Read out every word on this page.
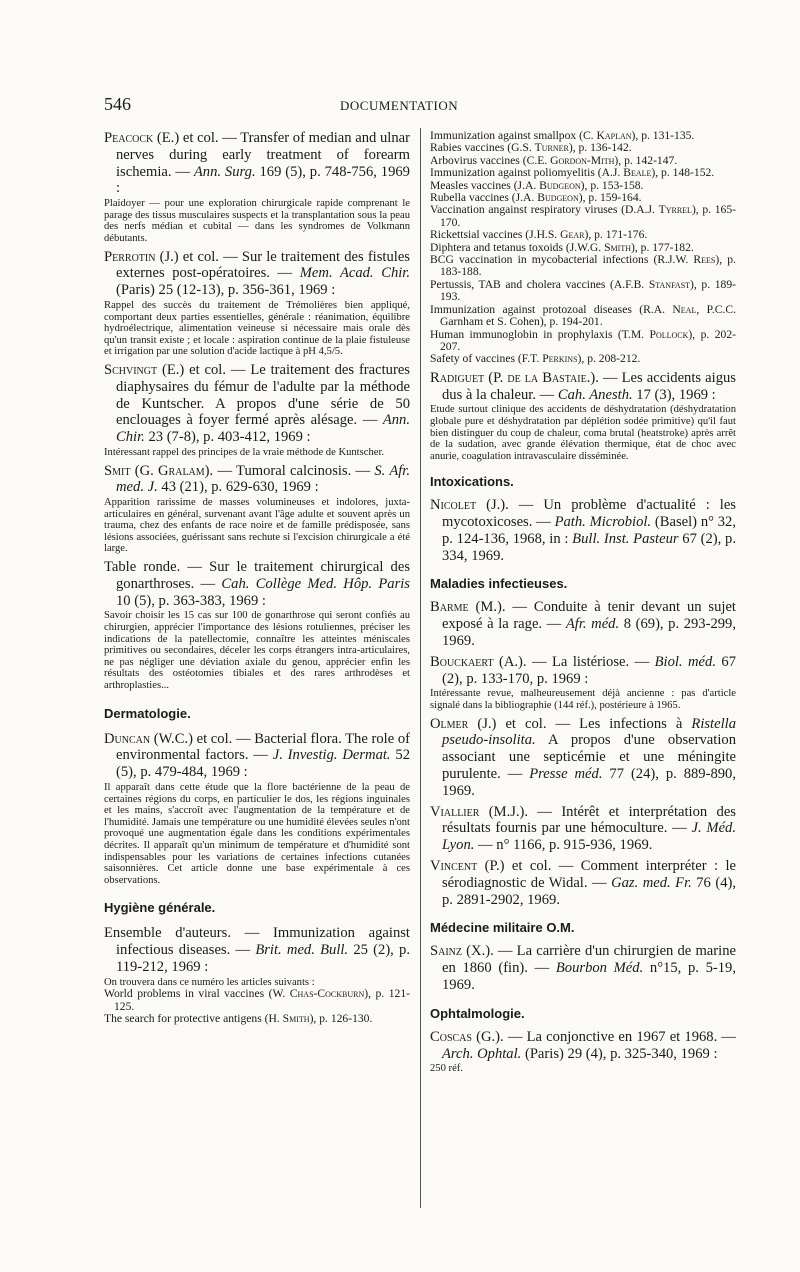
546	DOCUMENTATION

Peacock (E.) et col. — Transfer of median and ulnar nerves during early treatment of forearm ischemia. — Ann. Surg. 169 (5), p. 748-756, 1969 :

Plaidoyer — pour une exploration chirurgicale rapide comprenant le parage des tissus musculaires suspects et la transplantation sous la peau des nerfs médian et cubital — dans les syndromes de Volkmann débutants.

Perrotin (J.) et col. — Sur le traitement des fistules externes post-opératoires. — Mem. Acad. Chir. (Paris) 25 (12-13), p. 356-361, 1969 :

Rappel des succès du traitement de Trémolières bien appliqué, comportant deux parties essentielles, générale : réanimation, équilibre hydroélectrique, alimentation veineuse si nécessaire mais orale dès qu'un transit existe ; et locale : aspiration continue de la plaie fistuleuse et irrigation par une solution d'acide lactique à pH 4,5/5.

Schvingt (E.) et col. — Le traitement des fractures diaphysaires du fémur de l'adulte par la méthode de Kuntscher. A propos d'une série de 50 enclouages à foyer fermé après alésage. — Ann. Chir. 23 (7-8), p. 403-412, 1969 :

Intéressant rappel des principes de la vraie méthode de Kuntscher.

Smit (G. Gralam). — Tumoral calcinosis. — S. Afr. med. J. 43 (21), p. 629-630, 1969 :

Apparition rarissime de masses volumineuses et indolores, juxta-articulaires en général, survenant avant l'âge adulte et souvent après un trauma, chez des enfants de race noire et de famille prédisposée, sans lésions associées, guérissant sans rechute si l'excision chirurgicale a été large.

Table ronde. — Sur le traitement chirurgical des gonarthroses. — Cah. Collège Med. Hôp. Paris 10 (5), p. 363-383, 1969 :

Savoir choisir les 15 cas sur 100 de gonarthrose qui seront confiés au chirurgien, apprécier l'importance des lésions rotuliennes, préciser les indications de la patellectomie, connaître les atteintes méniscales primitives ou secondaires, déceler les corps étrangers intra-articulaires, ne pas négliger une déviation axiale du genou, apprécier enfin les résultats des ostéotomies tibiales et des rares arthrodèses et arthroplasties...

Dermatologie.

Duncan (W.C.) et col. — Bacterial flora. The role of environmental factors. — J. Investig. Dermat. 52 (5), p. 479-484, 1969 :

Il apparaît dans cette étude que la flore bactérienne de la peau de certaines régions du corps, en particulier le dos, les régions inguinales et les mains, s'accroît avec l'augmentation de la température et de l'humidité. Jamais une température ou une humidité élevées seules n'ont provoqué une augmentation égale dans les conditions expérimentales décrites. Il apparaît qu'un minimum de température et d'humidité sont indispensables pour les variations de certaines infections cutanées saisonnières. Cet article donne une base expérimentale à ces observations.

Hygiène générale.

Ensemble d'auteurs. — Immunization against infectious diseases. — Brit. med. Bull. 25 (2), p. 119-212, 1969 :

On trouvera dans ce numéro les articles suivants :

World problems in viral vaccines (W. Chas-Cockburn), p. 121-125.

The search for protective antigens (H. Smith), p. 126-130.

Immunization against smallpox (C. Kaplan), p. 131-135.

Rabies vaccines (G.S. Turner), p. 136-142.

Arbovirus vaccines (C.E. Gordon-Mith), p. 142-147.

Immunization against poliomyelitis (A.J. Beale), p. 148-152.

Measles vaccines (J.A. Budgeon), p. 153-158.

Rubella vaccines (J.A. Budgeon), p. 159-164.

Vaccination angainst respiratory viruses (D.A.J. Tyrrel), p. 165-170.

Rickettsial vaccines (J.H.S. Gear), p. 171-176.

Diphtera and tetanus toxoids (J.W.G. Smith), p. 177-182.

BCG vaccination in mycobacterial infections (R.J.W. Rees), p. 183-188.

Pertussis, TAB and cholera vaccines (A.F.B. Stanfast), p. 189-193.

Immunization against protozoal diseases (R.A. Neal, P.C.C. Garnham et S. Cohen), p. 194-201.

Human immunoglobin in prophylaxis (T.M. Pollock), p. 202-207.

Safety of vaccines (F.T. Perkins), p. 208-212.

Radiguet (P. de la Bastaie.). — Les accidents aigus dus à la chaleur. — Cah. Anesth. 17 (3), 1969 :

Etude surtout clinique des accidents de déshydratation (déshydratation globale pure et déshydratation par déplétion sodée primitive) qu'il faut bien distinguer du coup de chaleur, coma brutal (heatstroke) après arrêt de la sudation, avec grande élévation thermique, état de choc avec anurie, coagulation intravasculaire disséminée.

Intoxications.

Nicolet (J.). — Un problème d'actualité : les mycotoxicoses. — Path. Microbiol. (Basel) n° 32, p. 124-136, 1968, in : Bull. Inst. Pasteur 67 (2), p. 334, 1969.

Maladies infectieuses.

Barme (M.). — Conduite à tenir devant un sujet exposé à la rage. — Afr. méd. 8 (69), p. 293-299, 1969.

Bouckaert (A.). — La listériose. — Biol. méd. 67 (2), p. 133-170, p. 1969 :

Intéressante revue, malheureusement déjà ancienne : pas d'article signalé dans la bibliographie (144 réf.), postérieure à 1965.

Olmer (J.) et col. — Les infections à Ristella pseudo-insolita. A propos d'une observation associant une septicémie et une méningite purulente. — Presse méd. 77 (24), p. 889-890, 1969.

Viallier (M.J.). — Intérêt et interprétation des résultats fournis par une hémoculture. — J. Méd. Lyon. — n° 1166, p. 915-936, 1969.

Vincent (P.) et col. — Comment interpréter : le sérodiagnostic de Widal. — Gaz. med. Fr. 76 (4), p. 2891-2902, 1969.

Médecine militaire O.M.

Sainz (X.). — La carrière d'un chirurgien de marine en 1860 (fin). — Bourbon Méd. n°15, p. 5-19, 1969.

Ophtalmologie.

Coscas (G.). — La conjonctive en 1967 et 1968. — Arch. Ophtal. (Paris) 29 (4), p. 325-340, 1969 :

250 réf.
